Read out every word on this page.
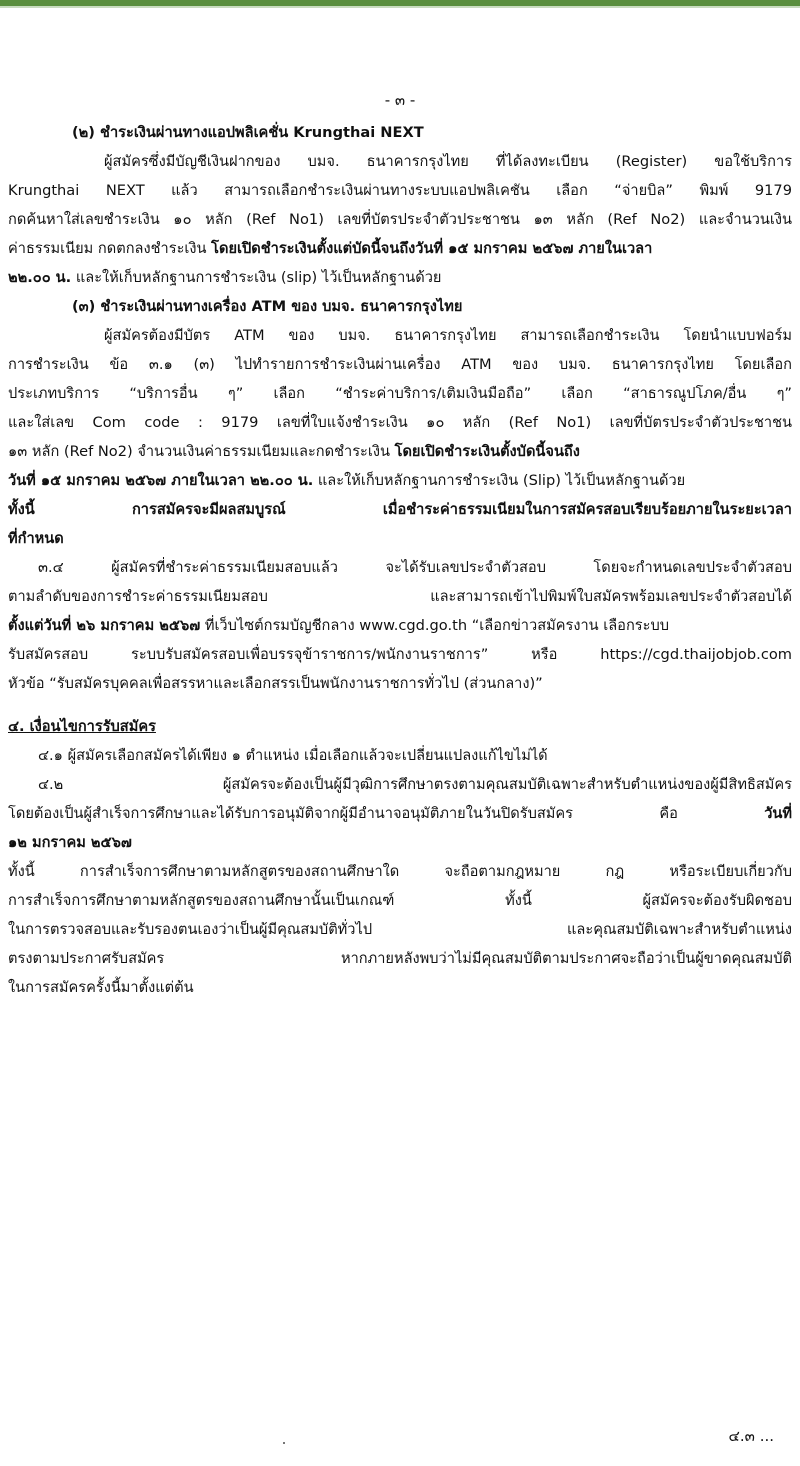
- ๓ -

(๒) ชำระเงินผ่านทางแอปพลิเคชั่น Krungthai NEXT

ผู้สมัครซึ่งมีบัญชีเงินฝากของ บมจ. ธนาคารกรุงไทย ที่ได้ลงทะเบียน (Register) ขอใช้บริการ

Krungthai NEXT แล้ว สามารถเลือกชำระเงินผ่านทางระบบแอปพลิเคชัน เลือก “จ่ายบิล” พิมพ์ 9179

กดค้นหาใส่เลขชำระเงิน ๑๐ หลัก (Ref No1) เลขที่บัตรประจำตัวประชาชน ๑๓ หลัก (Ref No2) และจำนวนเงิน

ค่าธรรมเนียม กดตกลงชำระเงิน โดยเปิดชำระเงินตั้งแต่บัดนี้จนถึงวันที่ ๑๕ มกราคม ๒๕๖๗ ภายในเวลา

๒๒.๐๐ น. และให้เก็บหลักฐานการชำระเงิน (slip) ไว้เป็นหลักฐานด้วย

(๓) ชำระเงินผ่านทางเครื่อง ATM ของ บมจ. ธนาคารกรุงไทย

ผู้สมัครต้องมีบัตร ATM ของ บมจ. ธนาคารกรุงไทย สามารถเลือกชำระเงิน โดยนำแบบฟอร์ม

การชำระเงิน ข้อ ๓.๑ (๓) ไปทำรายการชำระเงินผ่านเครื่อง ATM ของ บมจ. ธนาคารกรุงไทย โดยเลือก

ประเภทบริการ “บริการอื่น ๆ” เลือก “ชำระค่าบริการ/เติมเงินมือถือ” เลือก “สาธารณูปโภค/อื่น ๆ”

และใส่เลข Com code : 9179 เลขที่ใบแจ้งชำระเงิน ๑๐ หลัก (Ref No1) เลขที่บัตรประจำตัวประชาชน

๑๓ หลัก (Ref No2) จำนวนเงินค่าธรรมเนียมและกดชำระเงิน โดยเปิดชำระเงินตั้งบัดนี้จนถึง

วันที่ ๑๕ มกราคม ๒๕๖๗ ภายในเวลา ๒๒.๐๐ น. และให้เก็บหลักฐานการชำระเงิน (Slip) ไว้เป็นหลักฐานด้วย

ทั้งนี้ การสมัครจะมีผลสมบูรณ์ เมื่อชำระค่าธรรมเนียมในการสมัครสอบเรียบร้อยภายในระยะเวลา

ที่กำหนด

๓.๔ ผู้สมัครที่ชำระค่าธรรมเนียมสอบแล้ว จะได้รับเลขประจำตัวสอบ โดยจะกำหนดเลขประจำตัวสอบ

ตามลำดับของการชำระค่าธรรมเนียมสอบ และสามารถเข้าไปพิมพ์ใบสมัครพร้อมเลขประจำตัวสอบได้

ตั้งแต่วันที่ ๒๖ มกราคม ๒๕๖๗ ที่เว็บไซต์กรมบัญชีกลาง www.cgd.go.th “เลือกข่าวสมัครงาน เลือกระบบ

รับสมัครสอบ ระบบรับสมัครสอบเพื่อบรรจุข้าราชการ/พนักงานราชการ” หรือ https://cgd.thaijobjob.com

หัวข้อ “รับสมัครบุคคลเพื่อสรรหาและเลือกสรรเป็นพนักงานราชการทั่วไป (ส่วนกลาง)”

๔. เงื่อนไขการรับสมัคร

๔.๑ ผู้สมัครเลือกสมัครได้เพียง ๑ ตำแหน่ง เมื่อเลือกแล้วจะเปลี่ยนแปลงแก้ไขไม่ได้

๔.๒ ผู้สมัครจะต้องเป็นผู้มีวุฒิการศึกษาตรงตามคุณสมบัติเฉพาะสำหรับตำแหน่งของผู้มีสิทธิสมัคร

โดยต้องเป็นผู้สำเร็จการศึกษาและได้รับการอนุมัติจากผู้มีอำนาจอนุมัติภายในวันปิดรับสมัคร คือ	วันที่

๑๒ มกราคม ๒๕๖๗

ทั้งนี้ การสำเร็จการศึกษาตามหลักสูตรของสถานศึกษาใด จะถือตามกฎหมาย กฎ หรือระเบียบเกี่ยวกับ

การสำเร็จการศึกษาตามหลักสูตรของสถานศึกษานั้นเป็นเกณฑ์ ทั้งนี้ ผู้สมัครจะต้องรับผิดชอบ

ในการตรวจสอบและรับรองตนเองว่าเป็นผู้มีคุณสมบัติทั่วไป และคุณสมบัติเฉพาะสำหรับตำแหน่ง

ตรงตามประกาศรับสมัคร หากภายหลังพบว่าไม่มีคุณสมบัติตามประกาศจะถือว่าเป็นผู้ขาดคุณสมบัติ

ในการสมัครครั้งนี้มาตั้งแต่ต้น

๔.๓ ...
